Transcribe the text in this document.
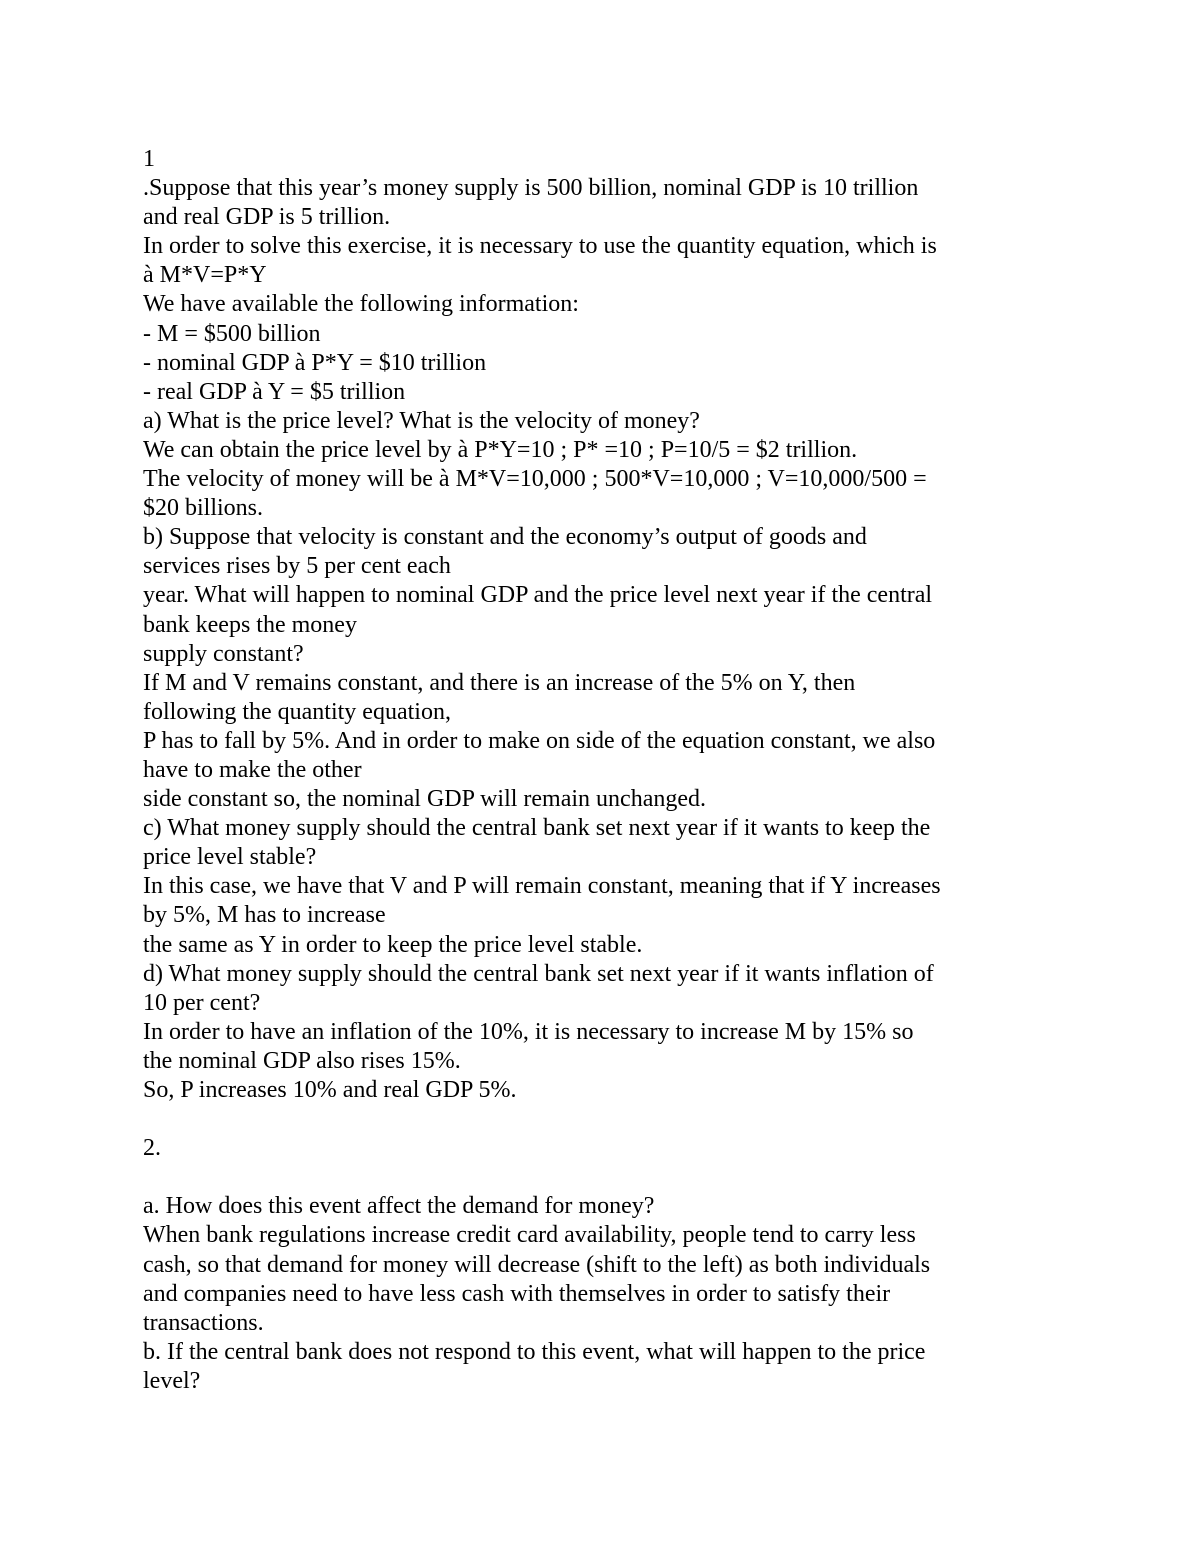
1
.Suppose that this year’s money supply is 500 billion, nominal GDP is 10 trillion
and real GDP is 5 trillion.
In order to solve this exercise, it is necessary to use the quantity equation, which is
à M*V=P*Y
We have available the following information:
- M = $500 billion
- nominal GDP à P*Y = $10 trillion
- real GDP à Y = $5 trillion
a) What is the price level? What is the velocity of money?
We can obtain the price level by à P*Y=10 ; P* =10 ; P=10/5 = $2 trillion.
The velocity of money will be à M*V=10,000 ; 500*V=10,000 ; V=10,000/500 =
$20 billions.
b) Suppose that velocity is constant and the economy’s output of goods and
services rises by 5 per cent each
year. What will happen to nominal GDP and the price level next year if the central
bank keeps the money
supply constant?
If M and V remains constant, and there is an increase of the 5% on Y, then
following the quantity equation,
P has to fall by 5%. And in order to make on side of the equation constant, we also
have to make the other
side constant so, the nominal GDP will remain unchanged.
c) What money supply should the central bank set next year if it wants to keep the
price level stable?
In this case, we have that V and P will remain constant, meaning that if Y increases
by 5%, M has to increase
the same as Y in order to keep the price level stable.
d) What money supply should the central bank set next year if it wants inflation of
10 per cent?
In order to have an inflation of the 10%, it is necessary to increase M by 15% so
the nominal GDP also rises 15%.
So, P increases 10% and real GDP 5%.
2.
a. How does this event affect the demand for money?
When bank regulations increase credit card availability, people tend to carry less
cash, so that demand for money will decrease (shift to the left) as both individuals
and companies need to have less cash with themselves in order to satisfy their
transactions.
b. If the central bank does not respond to this event, what will happen to the price
level?
